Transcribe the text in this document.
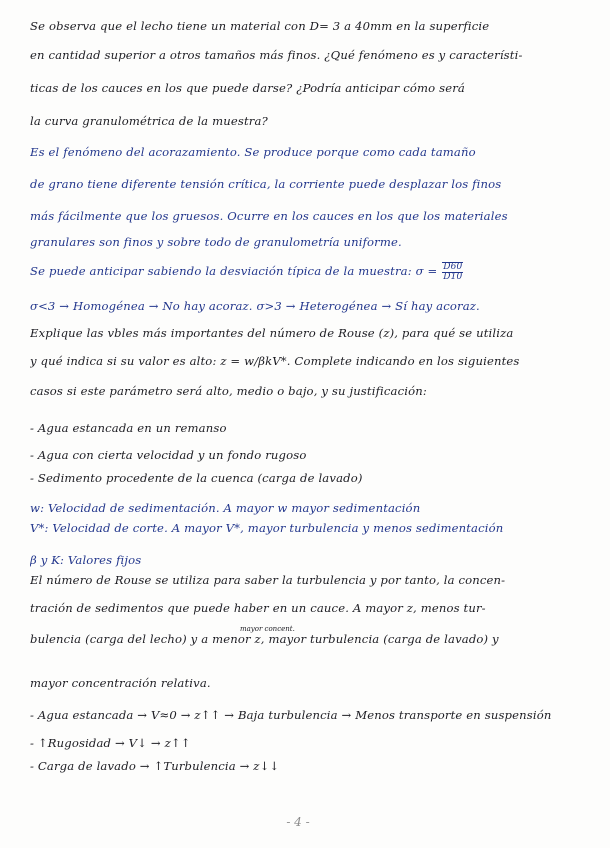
Se observa que el lecho tiene un material con D= 3 a 40mm en la superficie
en cantidad superior a otros tamaños más finos. ¿Qué fenómeno es y característi-
ticas de los cauces en los que puede darse? ¿Podría anticipar cómo será
la curva granulométrica de la muestra?
Es el fenómeno del acorazamiento. Se produce porque como cada tamaño
de grano tiene diferente tensión crítica, la corriente puede desplazar los finos
más fácilmente que los gruesos. Ocurre en los cauces en los que los materiales
granulares son finos y sobre todo de granulometría uniforme.
Se puede anticipar sabiendo la desviación típica de la muestra: $\sigma = \frac{D60}{D10}$
σ<3 → Homogénea → No hay acoraz. σ>3 → Heterogénea → Sí hay acoraz.
Explique las vbles más importantes del número de Rouse (z), para qué se utiliza
y qué indica si su valor es alto: z = w/βkV*. Complete indicando en los siguientes
casos si este parámetro será alto, medio o bajo, y su justificación:
- Agua estancada en un remanso
- Agua con cierta velocidad y un fondo rugoso
- Sedimento procedente de la cuenca (carga de lavado)
w: Velocidad de sedimentación. A mayor w mayor sedimentación
V*: Velocidad de corte. A mayor V*, mayor turbulencia y menos sedimentación
β y K: Valores fijos
El número de Rouse se utiliza para saber la turbulencia y por tanto, la concen-
tración de sedimentos que puede haber en un cauce. A mayor z, menos tur-
mayor concent.
bulencia (carga del lecho) y a menor z, mayor turbulencia (carga de lavado) y
mayor concentración relativa.
- Agua estancada → V≈0 → z↑↑ → Baja turbulencia → Menos transporte en suspensión
- ↑Rugosidad → V↓ → z↑↑
- Carga de lavado → ↑Turbulencia → z↓↓
- 4 -
